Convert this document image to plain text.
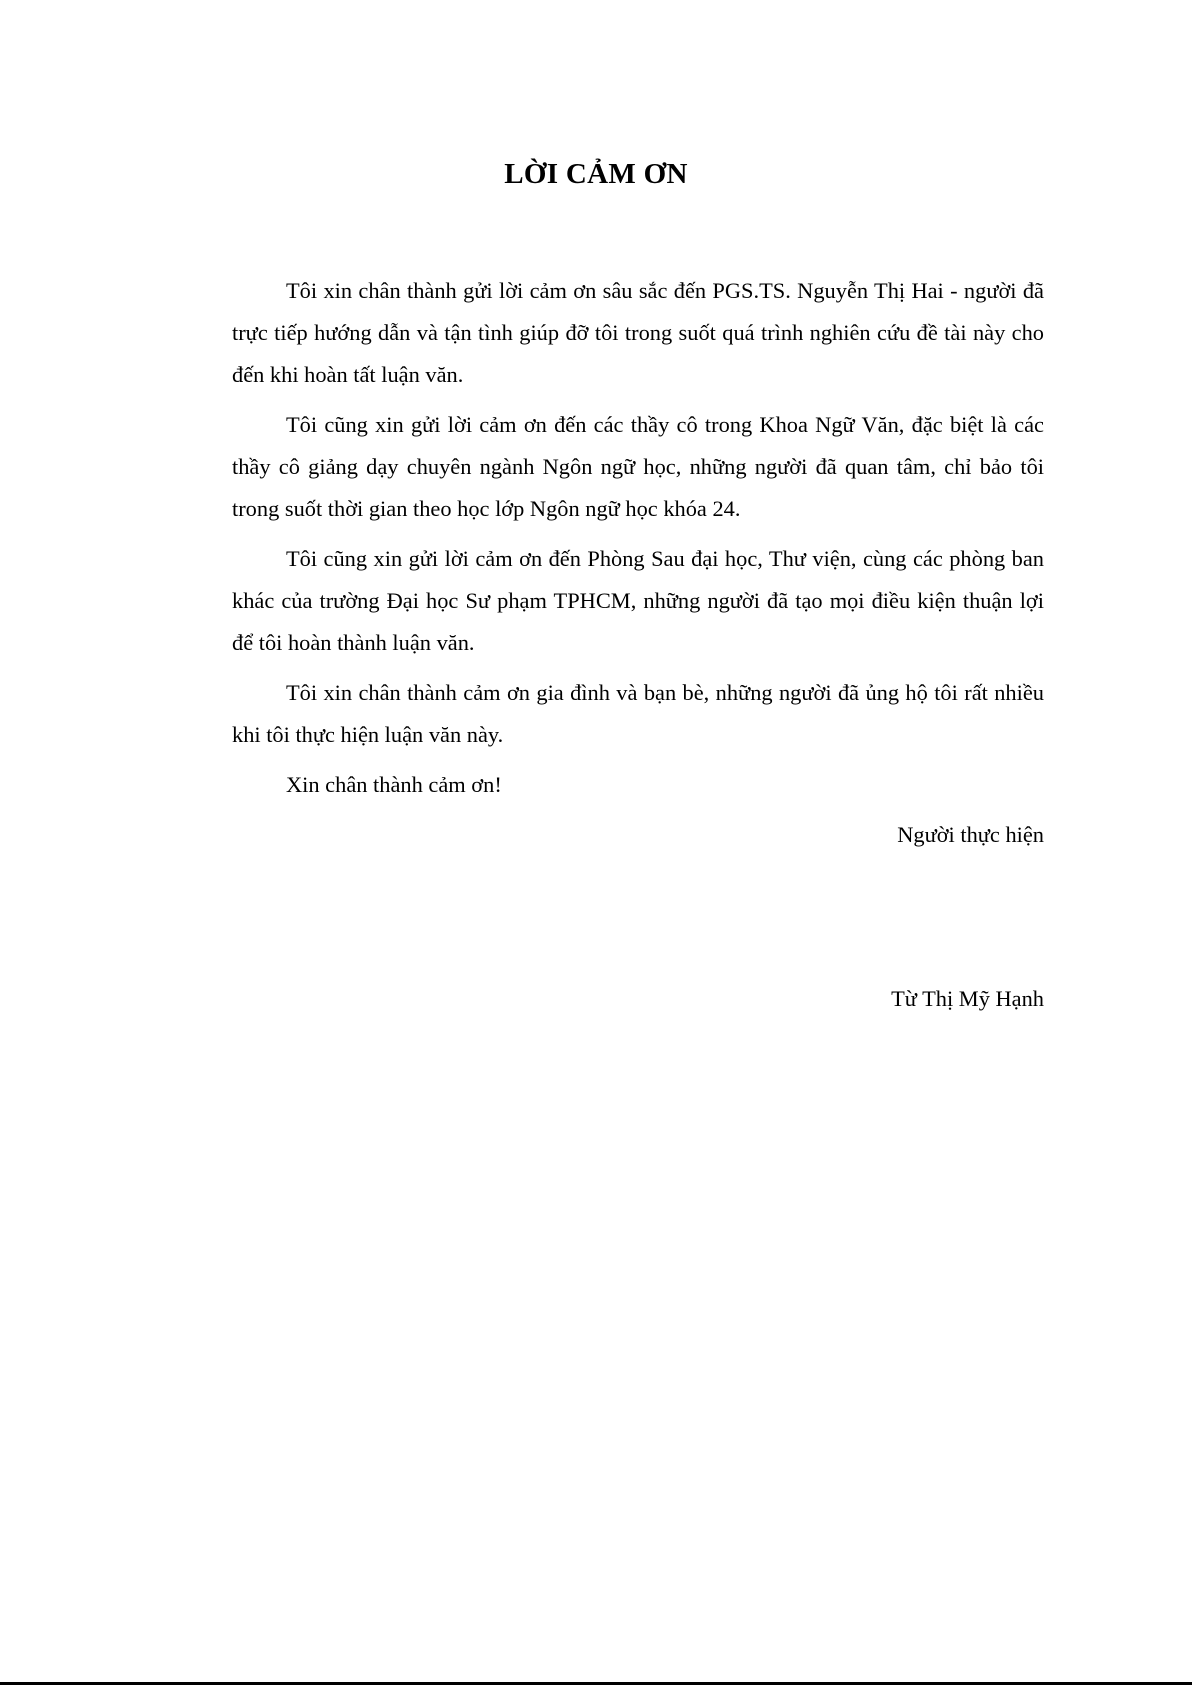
LỜI CẢM ƠN

Tôi xin chân thành gửi lời cảm ơn sâu sắc đến PGS.TS. Nguyễn Thị Hai - người đã trực tiếp hướng dẫn và tận tình giúp đỡ tôi trong suốt quá trình nghiên cứu đề tài này cho đến khi hoàn tất luận văn.

Tôi cũng xin gửi lời cảm ơn đến các thầy cô trong Khoa Ngữ Văn, đặc biệt là các thầy cô giảng dạy chuyên ngành Ngôn ngữ học, những người đã quan tâm, chỉ bảo tôi trong suốt thời gian theo học lớp Ngôn ngữ học khóa 24.

Tôi cũng xin gửi lời cảm ơn đến Phòng Sau đại học, Thư viện, cùng các phòng ban khác của trường Đại học Sư phạm TPHCM, những người đã tạo mọi điều kiện thuận lợi để tôi hoàn thành luận văn.

Tôi xin chân thành cảm ơn gia đình và bạn bè, những người đã ủng hộ tôi rất nhiều khi tôi thực hiện luận văn này.

Xin chân thành cảm ơn!

Người thực hiện

Từ Thị Mỹ Hạnh
